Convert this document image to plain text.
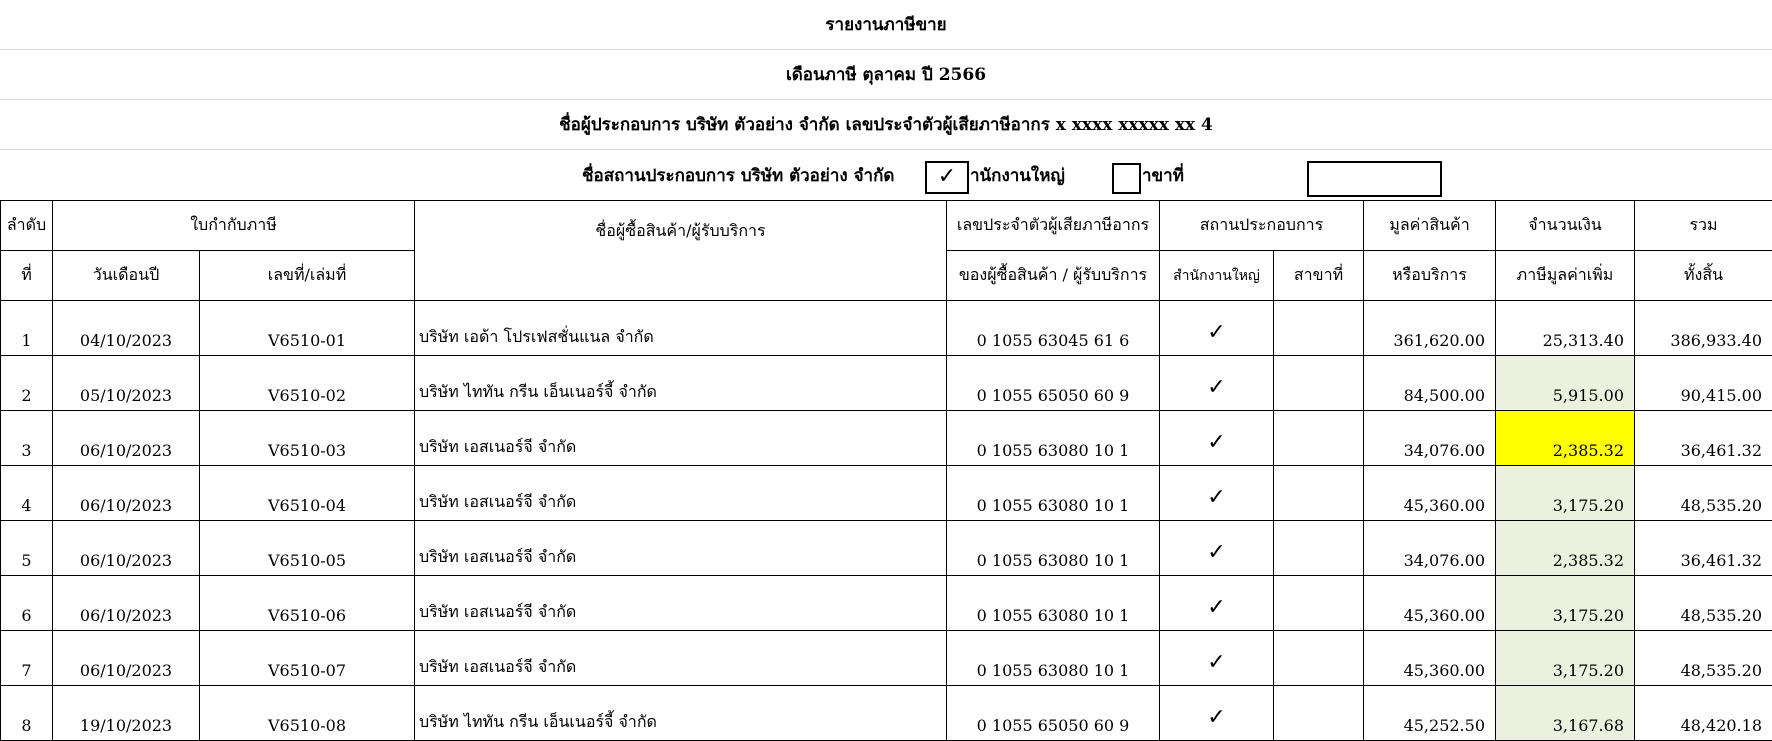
รายงานภาษีขาย
เดือนภาษี ตุลาคม ปี 2566
ชื่อผู้ประกอบการ บริษัท ตัวอย่าง จำกัด เลขประจำตัวผู้เสียภาษีอากร x xxxx xxxxx xx 4
ชื่อสถานประกอบการ บริษัท ตัวอย่าง จำกัด	✓ านักงานใหญ่	าขาที่
ลำดับ	ใบกำกับภาษี		ชื่อผู้ซื้อสินค้า/ผู้รับบริการ	เลขประจำตัวผู้เสียภาษีอากร	สถานประกอบการ		มูลค่าสินค้า	จำนวนเงิน	รวม
ที่	วันเดือนปี	เลขที่/เล่มที่		ของผู้ซื้อสินค้า / ผู้รับบริการ	สำนักงานใหญ่	สาขาที่	หรือบริการ	ภาษีมูลค่าเพิ่ม	ทั้งสิ้น
1	04/10/2023	V6510-01	บริษัท เอด้า โปรเฟสชั่นแนล จำกัด	0 1055 63045 61 6	✓		361,620.00	25,313.40	386,933.40
2	05/10/2023	V6510-02	บริษัท ไททัน กรีน เอ็นเนอร์จี้ จำกัด	0 1055 65050 60 9	✓		84,500.00	5,915.00	90,415.00
3	06/10/2023	V6510-03	บริษัท เอสเนอร์จี จำกัด	0 1055 63080 10 1	✓		34,076.00	2,385.32	36,461.32
4	06/10/2023	V6510-04	บริษัท เอสเนอร์จี จำกัด	0 1055 63080 10 1	✓		45,360.00	3,175.20	48,535.20
5	06/10/2023	V6510-05	บริษัท เอสเนอร์จี จำกัด	0 1055 63080 10 1	✓		34,076.00	2,385.32	36,461.32
6	06/10/2023	V6510-06	บริษัท เอสเนอร์จี จำกัด	0 1055 63080 10 1	✓		45,360.00	3,175.20	48,535.20
7	06/10/2023	V6510-07	บริษัท เอสเนอร์จี จำกัด	0 1055 63080 10 1	✓		45,360.00	3,175.20	48,535.20
8	19/10/2023	V6510-08	บริษัท ไททัน กรีน เอ็นเนอร์จี้ จำกัด	0 1055 65050 60 9	✓		45,252.50	3,167.68	48,420.18
